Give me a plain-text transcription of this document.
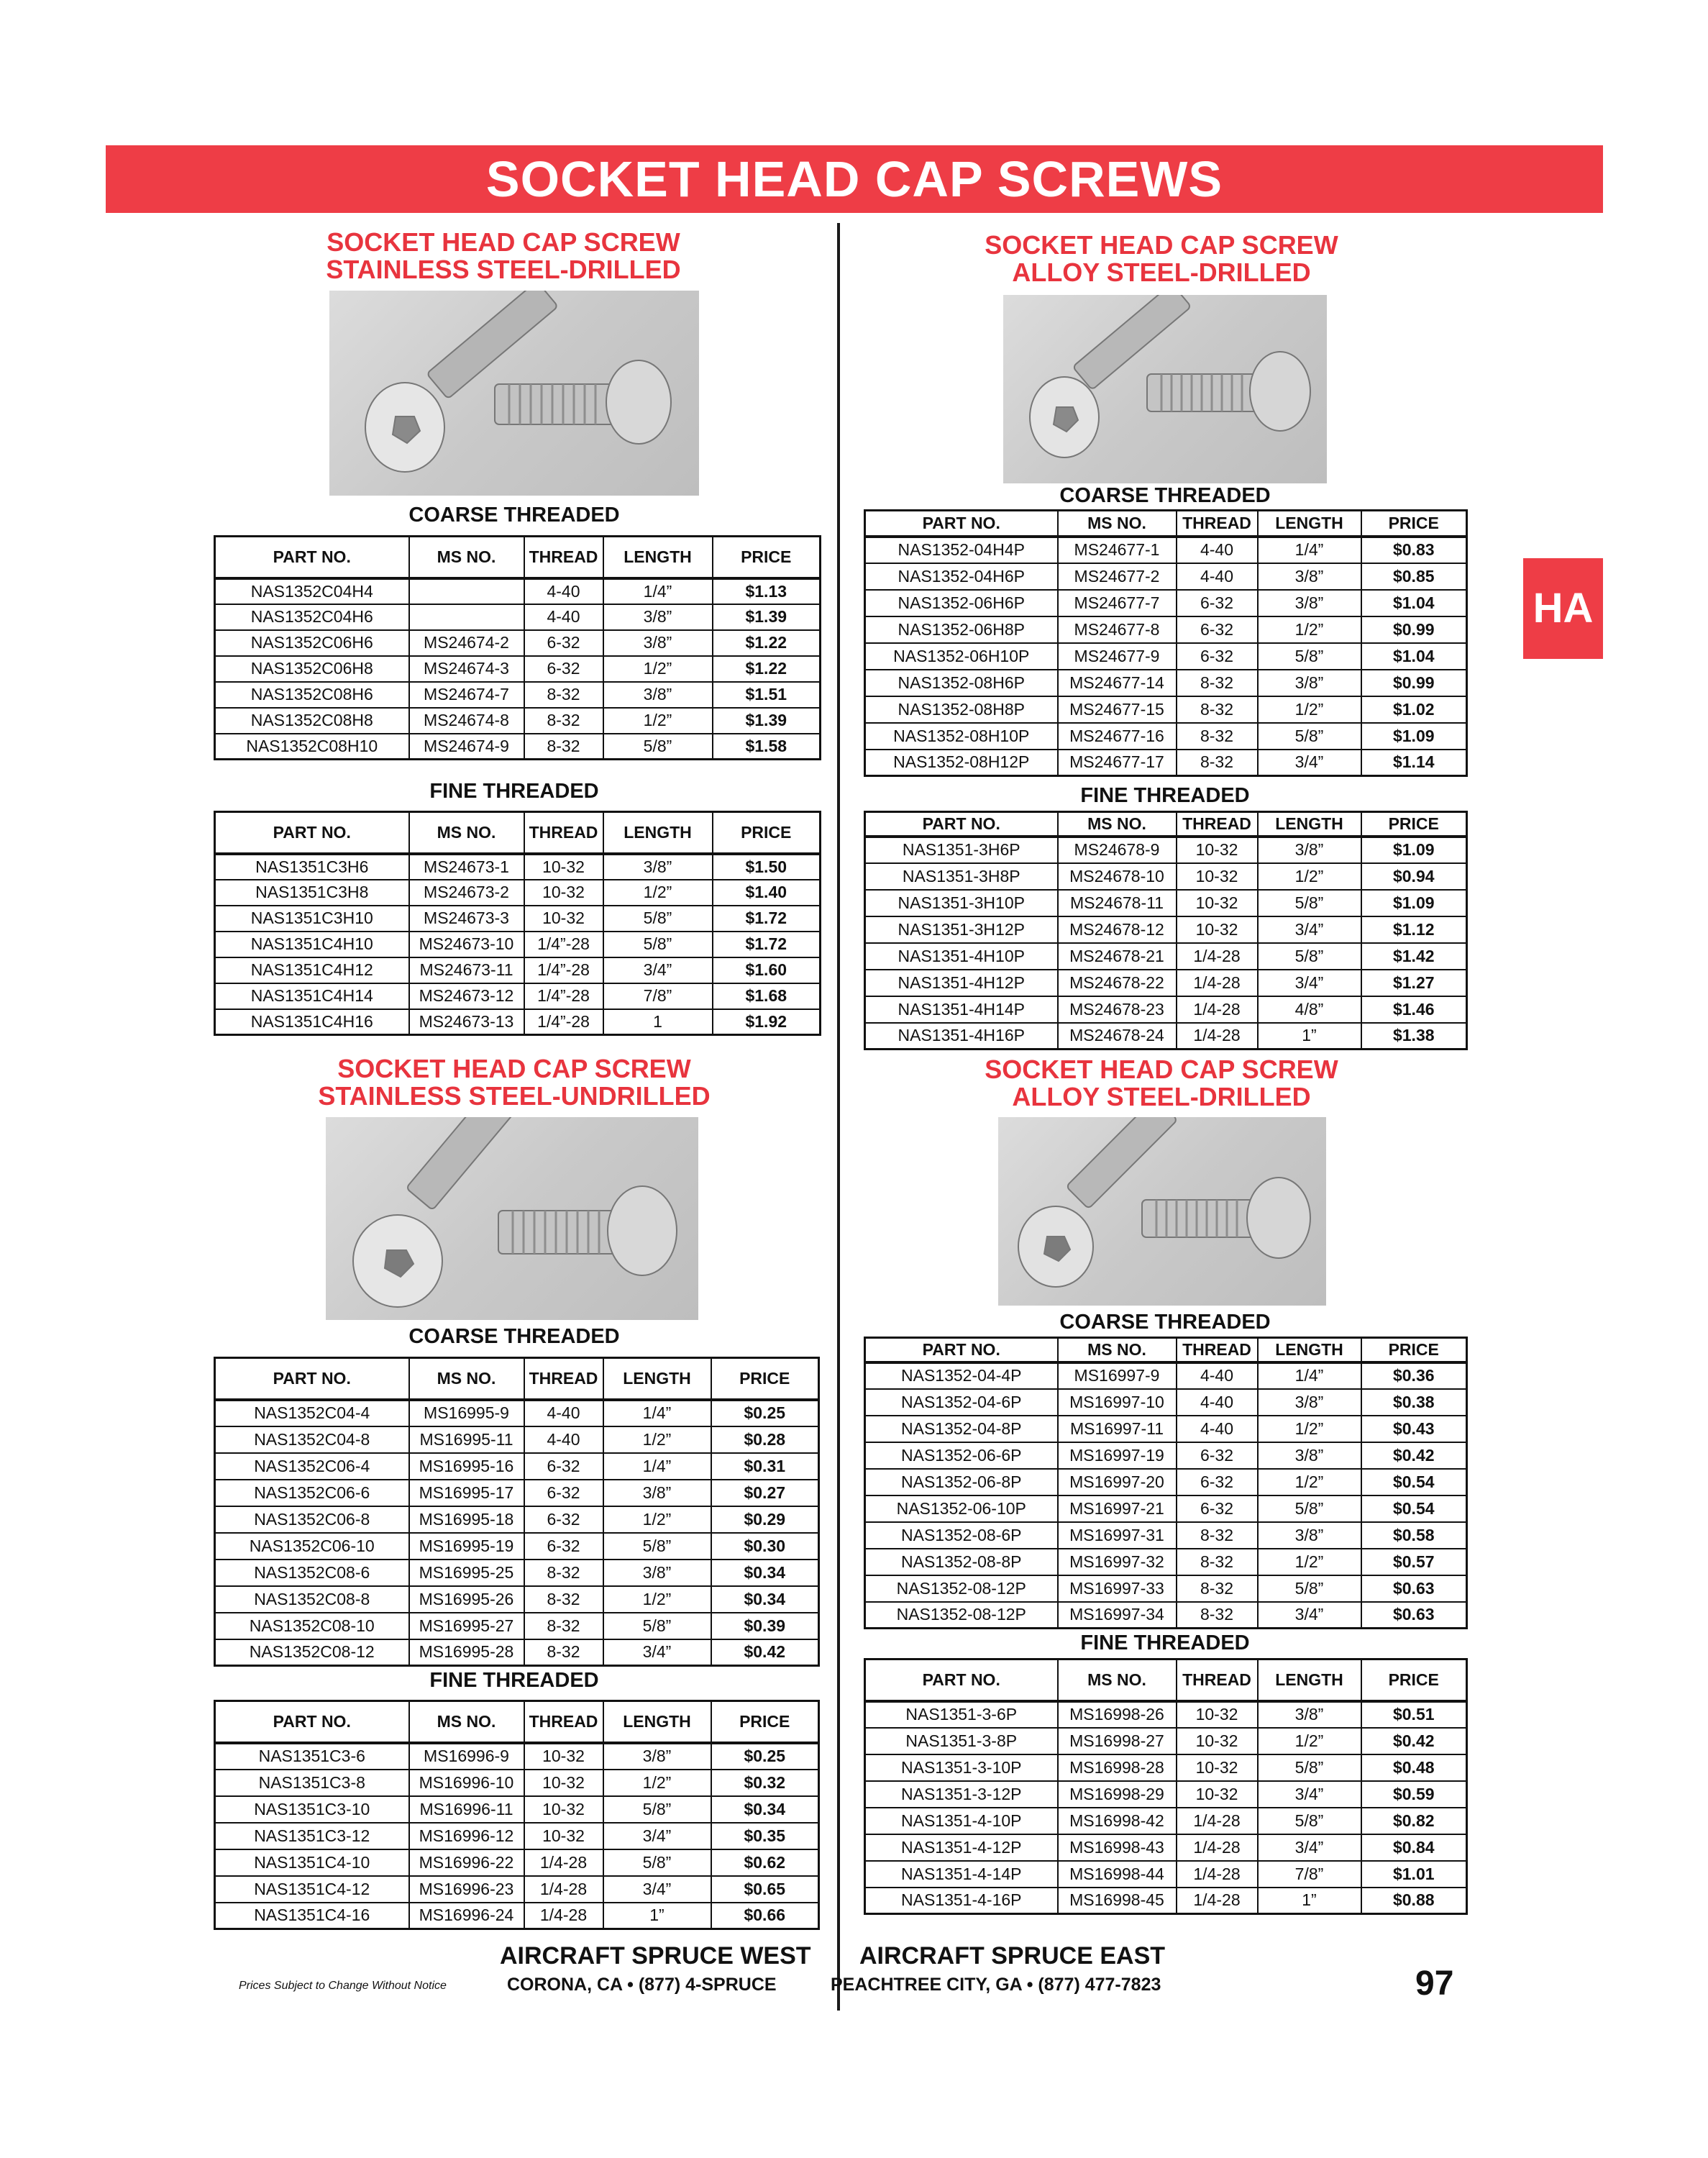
SOCKET HEAD CAP SCREWS
HA
SOCKET HEAD CAP SCREW
STAINLESS STEEL-DRILLED
COARSE THREADED
PART NO.	MS NO.	THREAD	LENGTH	PRICE
NAS1352C04H4		4-40	1/4”	$1.13
NAS1352C04H6		4-40	3/8”	$1.39
NAS1352C06H6	MS24674-2	6-32	3/8”	$1.22
NAS1352C06H8	MS24674-3	6-32	1/2”	$1.22
NAS1352C08H6	MS24674-7	8-32	3/8”	$1.51
NAS1352C08H8	MS24674-8	8-32	1/2”	$1.39
NAS1352C08H10	MS24674-9	8-32	5/8”	$1.58
FINE THREADED
PART NO.	MS NO.	THREAD	LENGTH	PRICE
NAS1351C3H6	MS24673-1	10-32	3/8”	$1.50
NAS1351C3H8	MS24673-2	10-32	1/2”	$1.40
NAS1351C3H10	MS24673-3	10-32	5/8”	$1.72
NAS1351C4H10	MS24673-10	1/4”-28	5/8”	$1.72
NAS1351C4H12	MS24673-11	1/4”-28	3/4”	$1.60
NAS1351C4H14	MS24673-12	1/4”-28	7/8”	$1.68
NAS1351C4H16	MS24673-13	1/4”-28	1	$1.92
SOCKET HEAD CAP SCREW
ALLOY STEEL-DRILLED
COARSE THREADED
PART NO.	MS NO.	THREAD	LENGTH	PRICE
NAS1352-04H4P	MS24677-1	4-40	1/4”	$0.83
NAS1352-04H6P	MS24677-2	4-40	3/8”	$0.85
NAS1352-06H6P	MS24677-7	6-32	3/8”	$1.04
NAS1352-06H8P	MS24677-8	6-32	1/2”	$0.99
NAS1352-06H10P	MS24677-9	6-32	5/8”	$1.04
NAS1352-08H6P	MS24677-14	8-32	3/8”	$0.99
NAS1352-08H8P	MS24677-15	8-32	1/2”	$1.02
NAS1352-08H10P	MS24677-16	8-32	5/8”	$1.09
NAS1352-08H12P	MS24677-17	8-32	3/4”	$1.14
FINE THREADED
PART NO.	MS NO.	THREAD	LENGTH	PRICE
NAS1351-3H6P	MS24678-9	10-32	3/8”	$1.09
NAS1351-3H8P	MS24678-10	10-32	1/2”	$0.94
NAS1351-3H10P	MS24678-11	10-32	5/8”	$1.09
NAS1351-3H12P	MS24678-12	10-32	3/4”	$1.12
NAS1351-4H10P	MS24678-21	1/4-28	5/8”	$1.42
NAS1351-4H12P	MS24678-22	1/4-28	3/4”	$1.27
NAS1351-4H14P	MS24678-23	1/4-28	4/8”	$1.46
NAS1351-4H16P	MS24678-24	1/4-28	1”	$1.38
SOCKET HEAD CAP SCREW
STAINLESS STEEL-UNDRILLED
COARSE THREADED
PART NO.	MS NO.	THREAD	LENGTH	PRICE
NAS1352C04-4	MS16995-9	4-40	1/4”	$0.25
NAS1352C04-8	MS16995-11	4-40	1/2”	$0.28
NAS1352C06-4	MS16995-16	6-32	1/4”	$0.31
NAS1352C06-6	MS16995-17	6-32	3/8”	$0.27
NAS1352C06-8	MS16995-18	6-32	1/2”	$0.29
NAS1352C06-10	MS16995-19	6-32	5/8”	$0.30
NAS1352C08-6	MS16995-25	8-32	3/8”	$0.34
NAS1352C08-8	MS16995-26	8-32	1/2”	$0.34
NAS1352C08-10	MS16995-27	8-32	5/8”	$0.39
NAS1352C08-12	MS16995-28	8-32	3/4”	$0.42
FINE THREADED
PART NO.	MS NO.	THREAD	LENGTH	PRICE
NAS1351C3-6	MS16996-9	10-32	3/8”	$0.25
NAS1351C3-8	MS16996-10	10-32	1/2”	$0.32
NAS1351C3-10	MS16996-11	10-32	5/8”	$0.34
NAS1351C3-12	MS16996-12	10-32	3/4”	$0.35
NAS1351C4-10	MS16996-22	1/4-28	5/8”	$0.62
NAS1351C4-12	MS16996-23	1/4-28	3/4”	$0.65
NAS1351C4-16	MS16996-24	1/4-28	1”	$0.66
SOCKET HEAD CAP SCREW
ALLOY STEEL-DRILLED
COARSE THREADED
PART NO.	MS NO.	THREAD	LENGTH	PRICE
NAS1352-04-4P	MS16997-9	4-40	1/4”	$0.36
NAS1352-04-6P	MS16997-10	4-40	3/8”	$0.38
NAS1352-04-8P	MS16997-11	4-40	1/2”	$0.43
NAS1352-06-6P	MS16997-19	6-32	3/8”	$0.42
NAS1352-06-8P	MS16997-20	6-32	1/2”	$0.54
NAS1352-06-10P	MS16997-21	6-32	5/8”	$0.54
NAS1352-08-6P	MS16997-31	8-32	3/8”	$0.58
NAS1352-08-8P	MS16997-32	8-32	1/2”	$0.57
NAS1352-08-12P	MS16997-33	8-32	5/8”	$0.63
NAS1352-08-12P	MS16997-34	8-32	3/4”	$0.63
FINE THREADED
PART NO.	MS NO.	THREAD	LENGTH	PRICE
NAS1351-3-6P	MS16998-26	10-32	3/8”	$0.51
NAS1351-3-8P	MS16998-27	10-32	1/2”	$0.42
NAS1351-3-10P	MS16998-28	10-32	5/8”	$0.48
NAS1351-3-12P	MS16998-29	10-32	3/4”	$0.59
NAS1351-4-10P	MS16998-42	1/4-28	5/8”	$0.82
NAS1351-4-12P	MS16998-43	1/4-28	3/4”	$0.84
NAS1351-4-14P	MS16998-44	1/4-28	7/8”	$1.01
NAS1351-4-16P	MS16998-45	1/4-28	1”	$0.88
AIRCRAFT SPRUCE WEST
CORONA, CA • (877) 4-SPRUCE
AIRCRAFT SPRUCE EAST
PEACHTREE CITY, GA • (877) 477-7823
Prices Subject to Change Without Notice	97
